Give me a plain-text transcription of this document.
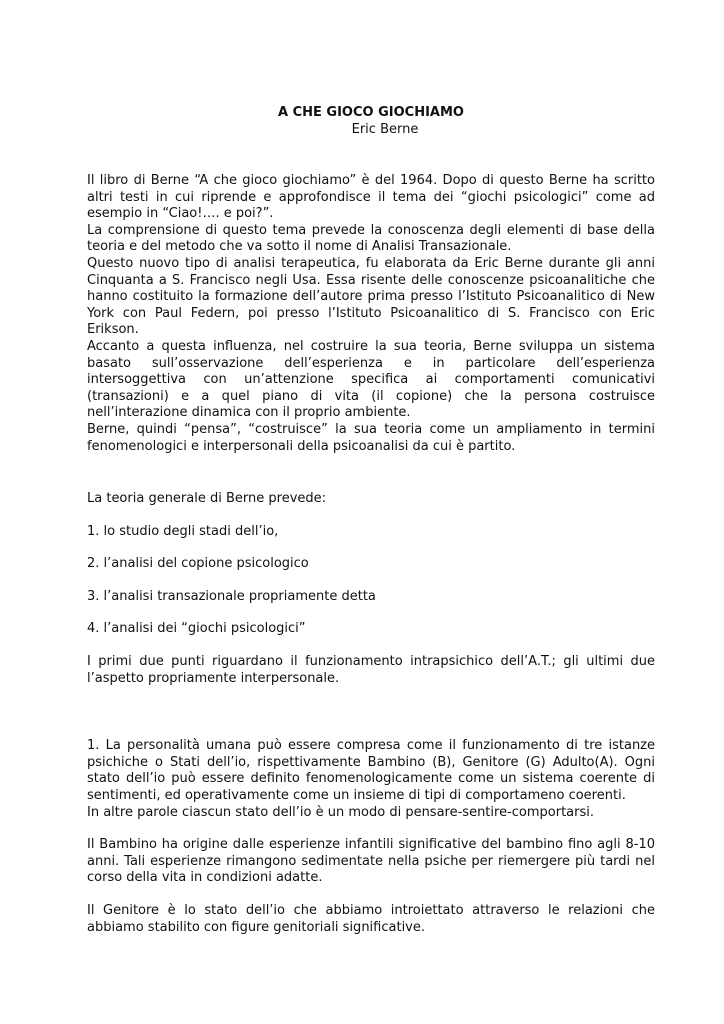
A CHE GIOCO GIOCHIAMO

Eric Berne

Il libro di Berne “A che gioco giochiamo” è del 1964. Dopo di questo Berne ha scritto altri testi in cui riprende e approfondisce il tema dei “giochi psicologici” come ad esempio in “Ciao!…. e poi?”.

La comprensione di questo tema prevede la conoscenza degli elementi di base della teoria e del metodo che va sotto il nome di Analisi Transazionale.

Questo nuovo tipo di analisi terapeutica, fu elaborata da Eric Berne durante gli anni Cinquanta a S. Francisco negli Usa. Essa risente delle conoscenze psicoanalitiche che hanno costituito la formazione dell’autore prima presso l’Istituto Psicoanalitico di New York con Paul Federn, poi presso l’Istituto Psicoanalitico di S. Francisco con Eric Erikson.

Accanto a questa influenza, nel costruire la sua teoria, Berne sviluppa un sistema basato sull’osservazione dell’esperienza e in particolare dell’esperienza intersoggettiva con un’attenzione specifica ai comportamenti comunicativi (transazioni) e a quel piano di vita (il copione) che la persona costruisce nell’interazione dinamica con il proprio ambiente.

Berne, quindi “pensa”, “costruisce” la sua teoria come un ampliamento in termini fenomenologici e interpersonali della psicoanalisi da cui è partito.

La teoria generale di Berne prevede:

1. lo studio degli stadi dell’io,

2. l’analisi del copione psicologico

3. l’analisi transazionale propriamente detta

4. l’analisi dei “giochi psicologici”

I primi due punti riguardano il funzionamento intrapsichico dell’A.T.; gli ultimi due l’aspetto propriamente interpersonale.

1. La personalità umana può essere compresa come il funzionamento di tre istanze psichiche o Stati dell’io, rispettivamente Bambino (B), Genitore (G) Adulto(A). Ogni stato dell’io può essere definito fenomenologicamente come un sistema coerente di sentimenti, ed operativamente come un insieme di tipi di comportameno coerenti.

In altre parole ciascun stato dell’io è un modo di pensare-sentire-comportarsi.

Il Bambino ha origine dalle esperienze infantili significative del bambino fino agli 8-10 anni. Tali esperienze rimangono sedimentate nella psiche per riemergere più tardi nel corso della vita in condizioni adatte.

Il Genitore è lo stato dell’io che abbiamo introiettato attraverso le relazioni che abbiamo stabilito con figure genitoriali significative.
